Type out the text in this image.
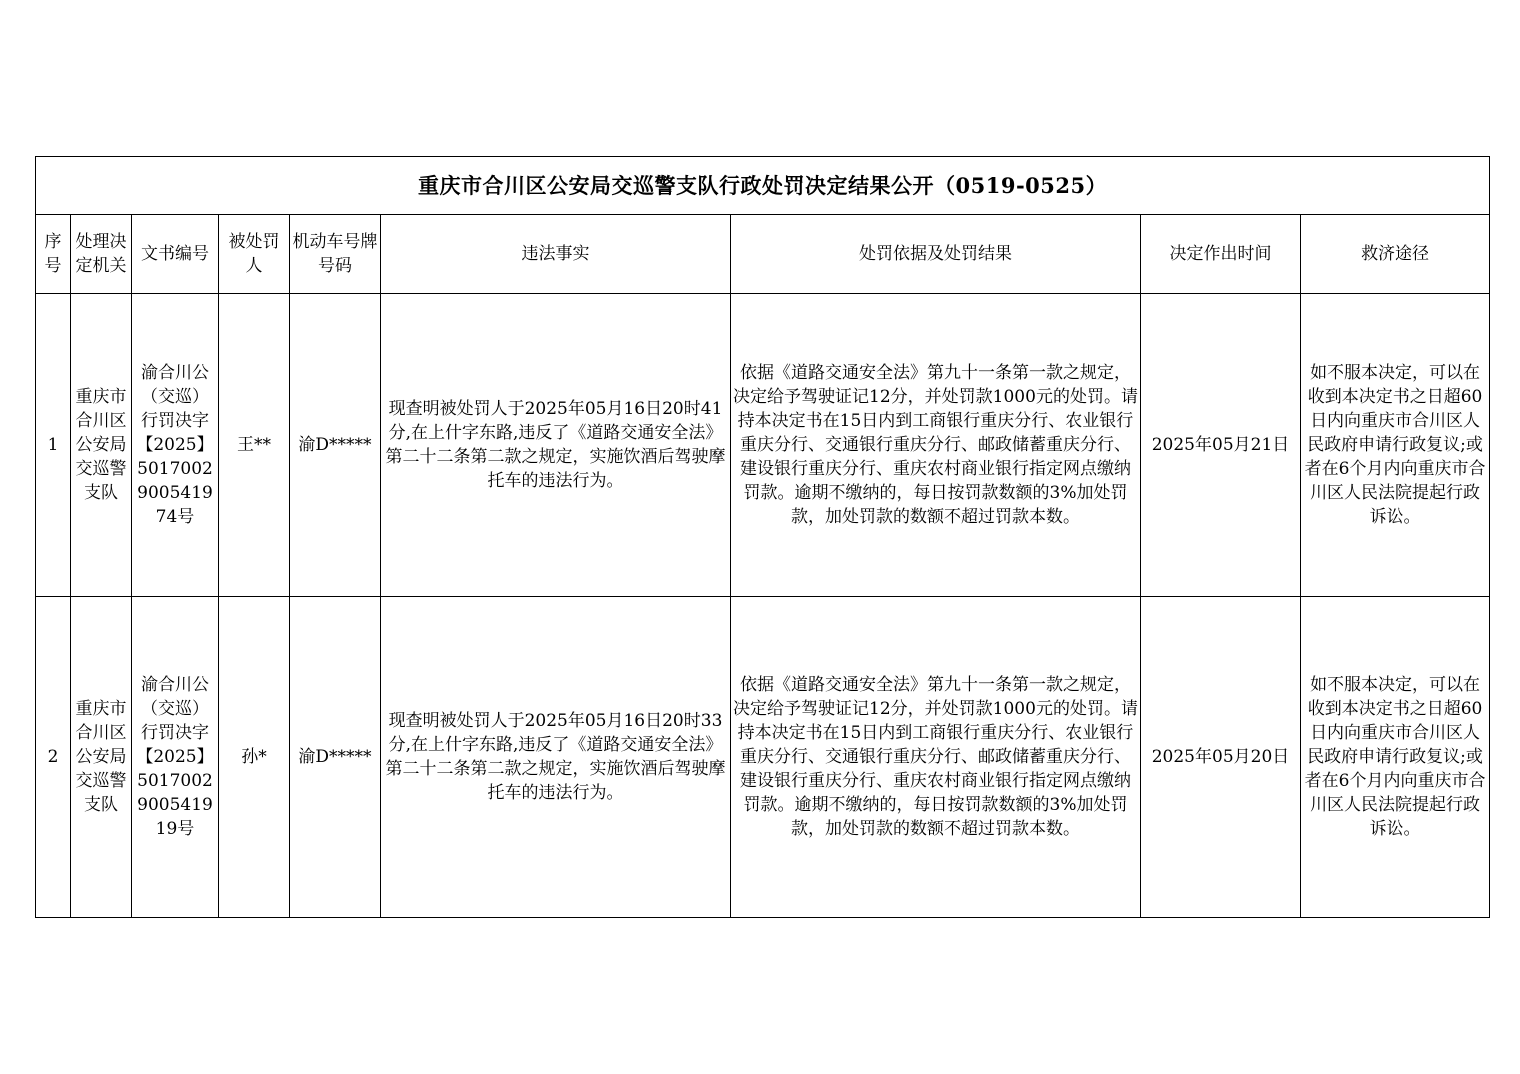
重庆市合川区公安局交巡警支队行政处罚决定结果公开（0519-0525）								
序号	处理决定机关	文书编号	被处罚人	机动车号牌号码	违法事实	处罚依据及处罚结果	决定作出时间	救济途径
1	重庆市合川区公安局交巡警支队	渝合川公（交巡）行罚决字【2025】5017002900541974号	王**	渝D*****	现查明被处罚人于2025年05月16日20时41分,在上什字东路,违反了《道路交通安全法》第二十二条第二款之规定，实施饮酒后驾驶摩托车的违法行为。	依据《道路交通安全法》第九十一条第一款之规定，决定给予驾驶证记12分，并处罚款1000元的处罚。请持本决定书在15日内到工商银行重庆分行、农业银行重庆分行、交通银行重庆分行、邮政储蓄重庆分行、建设银行重庆分行、重庆农村商业银行指定网点缴纳罚款。逾期不缴纳的，每日按罚款数额的3%加处罚款，加处罚款的数额不超过罚款本数。	2025年05月21日	如不服本决定，可以在收到本决定书之日超60日内向重庆市合川区人民政府申请行政复议;或者在6个月内向重庆市合川区人民法院提起行政诉讼。
2	重庆市合川区公安局交巡警支队	渝合川公（交巡）行罚决字【2025】5017002900541919号	孙*	渝D*****	现查明被处罚人于2025年05月16日20时33分,在上什字东路,违反了《道路交通安全法》第二十二条第二款之规定，实施饮酒后驾驶摩托车的违法行为。	依据《道路交通安全法》第九十一条第一款之规定，决定给予驾驶证记12分，并处罚款1000元的处罚。请持本决定书在15日内到工商银行重庆分行、农业银行重庆分行、交通银行重庆分行、邮政储蓄重庆分行、建设银行重庆分行、重庆农村商业银行指定网点缴纳罚款。逾期不缴纳的，每日按罚款数额的3%加处罚款，加处罚款的数额不超过罚款本数。	2025年05月20日	如不服本决定，可以在收到本决定书之日超60日内向重庆市合川区人民政府申请行政复议;或者在6个月内向重庆市合川区人民法院提起行政诉讼。
